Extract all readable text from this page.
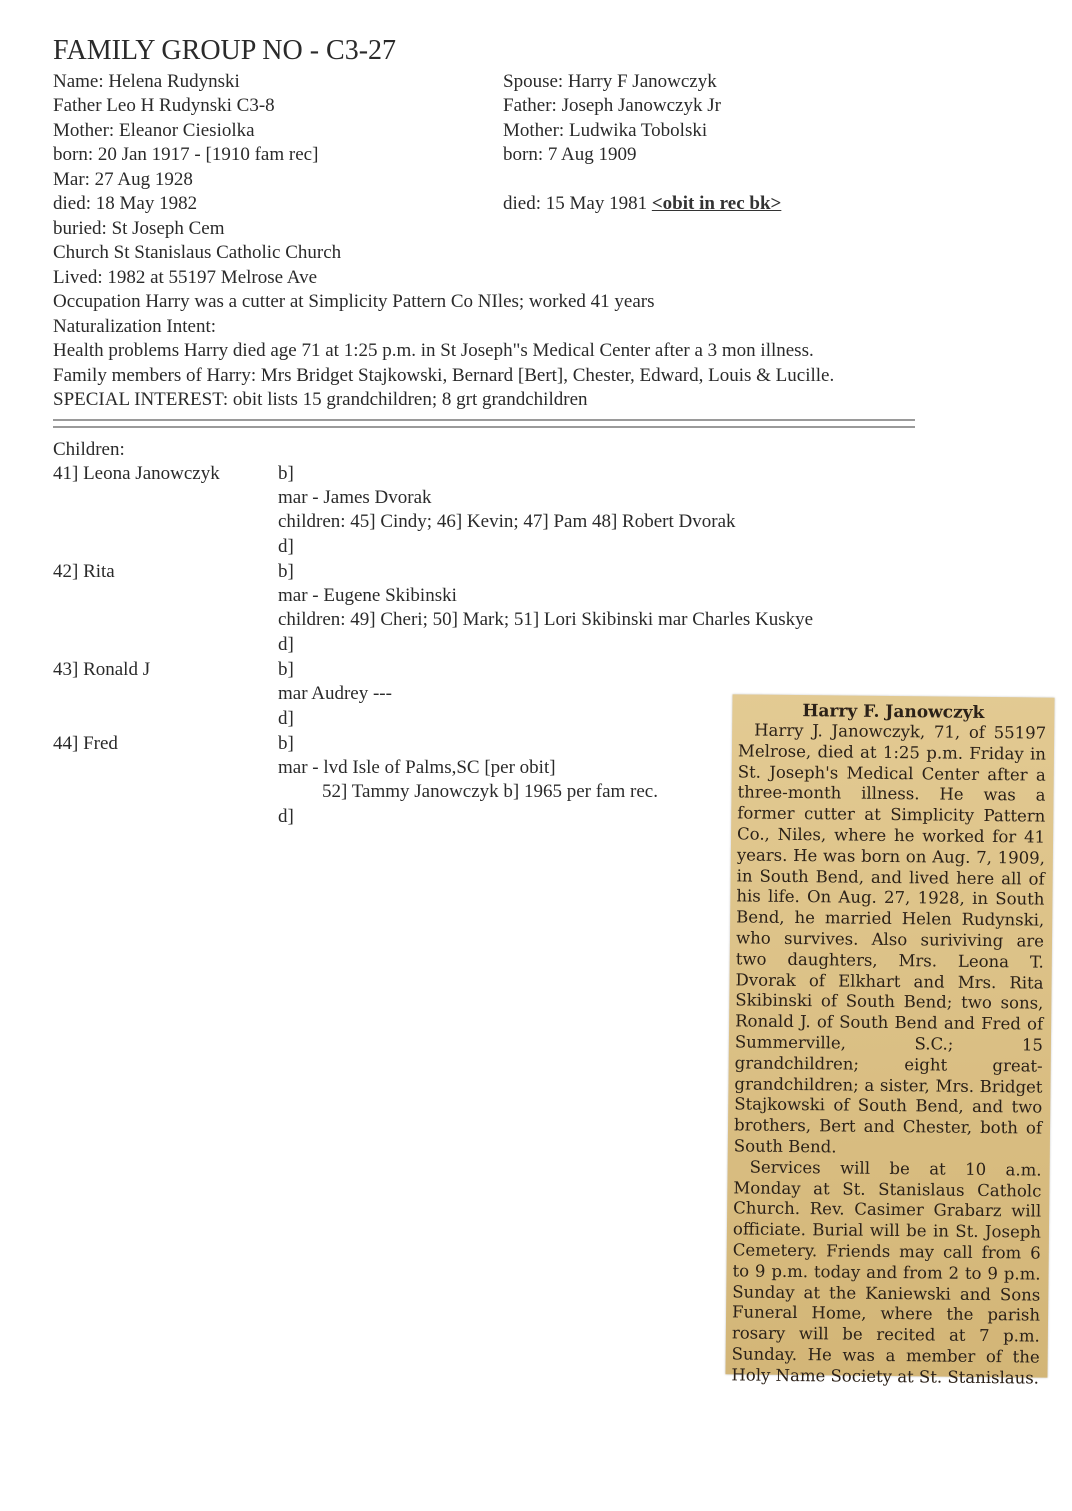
FAMILY GROUP NO - C3-27
Name: Helena Rudynski
Father Leo H Rudynski C3-8
Mother: Eleanor Ciesiolka
born: 20 Jan 1917 - [1910 fam rec]
Mar: 27 Aug 1928
died: 18 May 1982
buried: St Joseph Cem
Church St Stanislaus Catholic Church
Lived: 1982 at 55197 Melrose Ave
Occupation Harry was a cutter at Simplicity Pattern Co NIles; worked 41 years
Naturalization Intent:
Health problems Harry died age 71 at 1:25 p.m. in St Joseph"s Medical Center after a 3 mon illness.
Family members of Harry: Mrs Bridget Stajkowski, Bernard [Bert], Chester, Edward, Louis & Lucille.
SPECIAL INTEREST: obit lists 15 grandchildren; 8 grt grandchildren
Spouse: Harry F Janowczyk
Father: Joseph Janowczyk Jr
Mother: Ludwika Tobolski
born: 7 Aug 1909
died: 15 May 1981 <obit in rec bk>
Children:
41] Leona Janowczyk	b]
mar - James Dvorak
children: 45] Cindy; 46] Kevin; 47] Pam 48] Robert Dvorak
d]
42] Rita	b]
mar - Eugene Skibinski
children: 49] Cheri; 50] Mark; 51] Lori Skibinski mar Charles Kuskye
d]
43] Ronald J	b]
mar Audrey ---
d]
44] Fred	b]
mar - lvd Isle of Palms,SC [per obit]
52] Tammy Janowczyk b] 1965 per fam rec.
d]
Harry F. Janowczyk

Harry J. Janowczyk, 71, of 55197 Melrose, died at 1:25 p.m. Friday in St. Joseph's Medical Center after a three-month illness. He was a former cutter at Simplicity Pattern Co., Niles, where he worked for 41 years. He was born on Aug. 7, 1909, in South Bend, and lived here all of his life. On Aug. 27, 1928, in South Bend, he married Helen Rudynski, who survives. Also suriviving are two daughters, Mrs. Leona T. Dvorak of Elkhart and Mrs. Rita Skibinski of South Bend; two sons, Ronald J. of South Bend and Fred of Summerville, S.C.; 15 grandchildren; eight great-grandchildren; a sister, Mrs. Bridget Stajkowski of South Bend, and two brothers, Bert and Chester, both of South Bend.

Services will be at 10 a.m. Monday at St. Stanislaus Catholc Church. Rev. Casimer Grabarz will officiate. Burial will be in St. Joseph Cemetery. Friends may call from 6 to 9 p.m. today and from 2 to 9 p.m. Sunday at the Kaniewski and Sons Funeral Home, where the parish rosary will be recited at 7 p.m. Sunday. He was a member of the Holy Name Society at St. Stanislaus.
